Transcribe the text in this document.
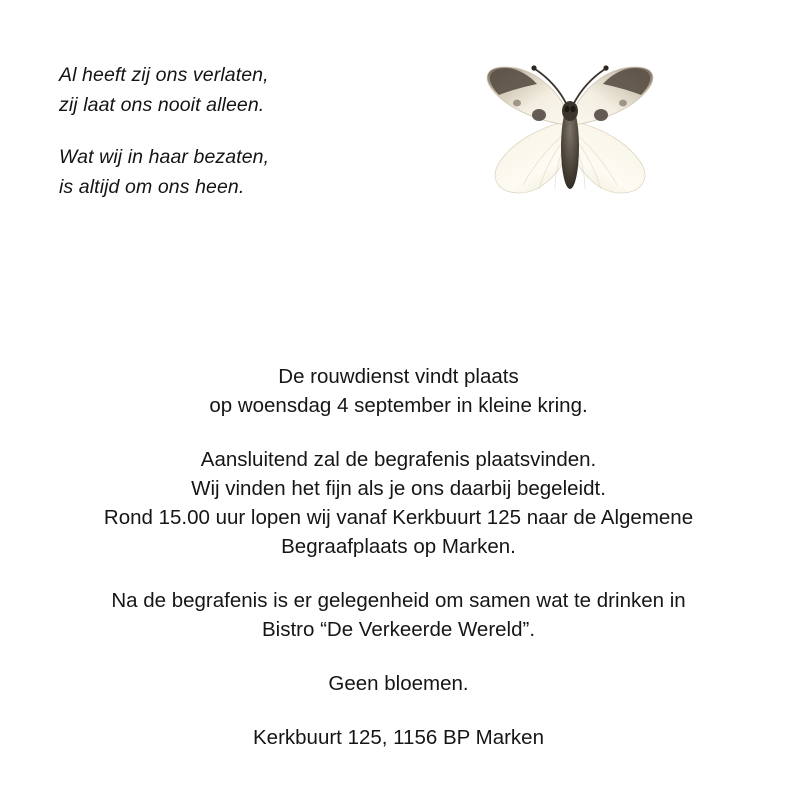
Al heeft zij ons verlaten,
zij laat ons nooit alleen.

Wat wij in haar bezaten,
is altijd om ons heen.

De rouwdienst vindt plaats
op woensdag 4 september in kleine kring.

Aansluitend zal de begrafenis plaatsvinden.
Wij vinden het fijn als je ons daarbij begeleidt.
Rond 15.00 uur lopen wij vanaf Kerkbuurt 125 naar de Algemene
Begraafplaats op Marken.

Na de begrafenis is er gelegenheid om samen wat te drinken in
Bistro “De Verkeerde Wereld”.

Geen bloemen.

Kerkbuurt 125, 1156 BP Marken
